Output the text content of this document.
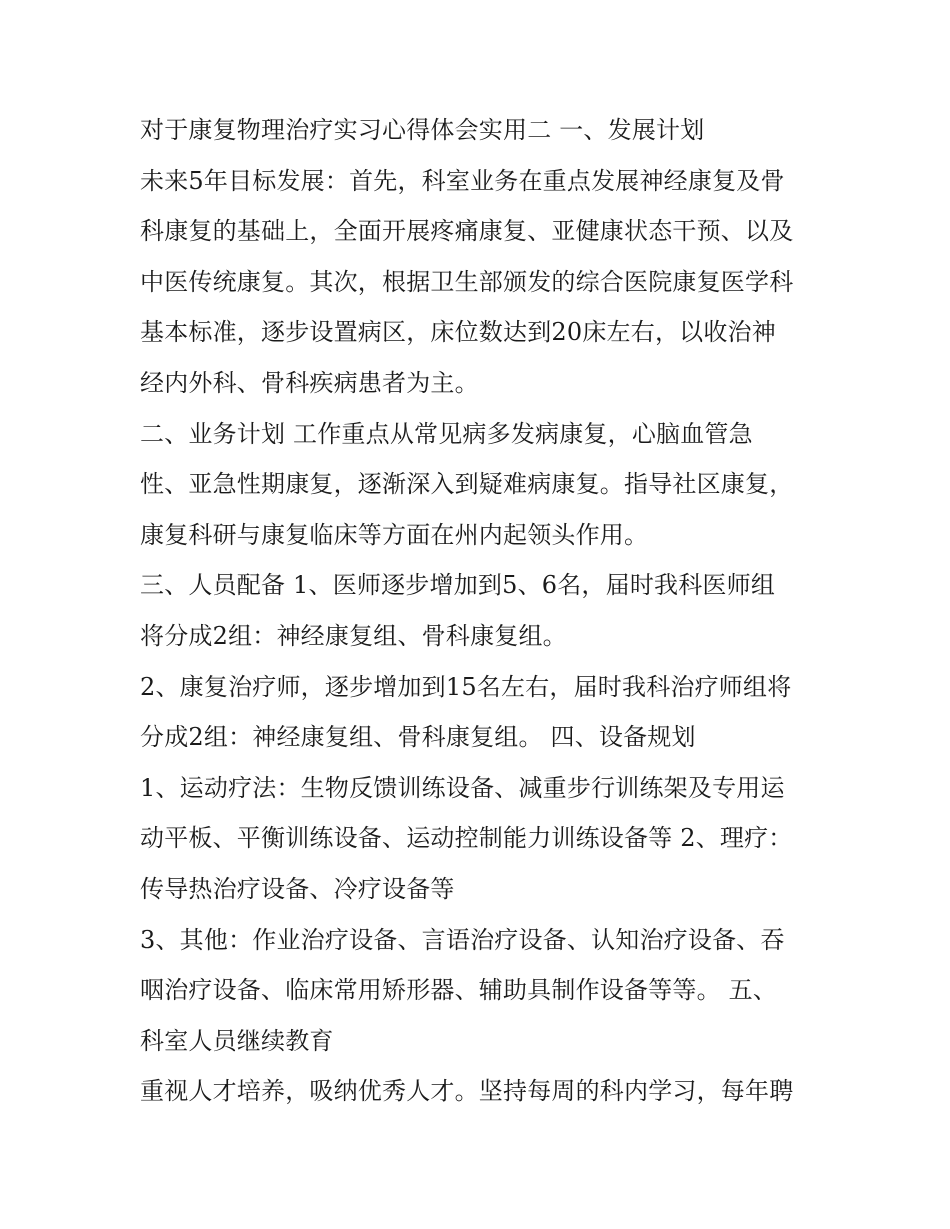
对于康复物理治疗实习心得体会实用二 一、发展计划

未来5年目标发展：首先，科室业务在重点发展神经康复及骨

科康复的基础上，全面开展疼痛康复、亚健康状态干预、以及

中医传统康复。其次，根据卫生部颁发的综合医院康复医学科

基本标准，逐步设置病区，床位数达到20床左右，以收治神

经内外科、骨科疾病患者为主。

二、业务计划 工作重点从常见病多发病康复，心脑血管急

性、亚急性期康复，逐渐深入到疑难病康复。指导社区康复，

康复科研与康复临床等方面在州内起领头作用。

三、人员配备 1、医师逐步增加到5、6名，届时我科医师组

将分成2组：神经康复组、骨科康复组。

2、康复治疗师，逐步增加到15名左右，届时我科治疗师组将

分成2组：神经康复组、骨科康复组。 四、设备规划

1、运动疗法：生物反馈训练设备、减重步行训练架及专用运

动平板、平衡训练设备、运动控制能力训练设备等 2、理疗：

传导热治疗设备、冷疗设备等

3、其他：作业治疗设备、言语治疗设备、认知治疗设备、吞

咽治疗设备、临床常用矫形器、辅助具制作设备等等。 五、

科室人员继续教育

重视人才培养，吸纳优秀人才。坚持每周的科内学习，每年聘
